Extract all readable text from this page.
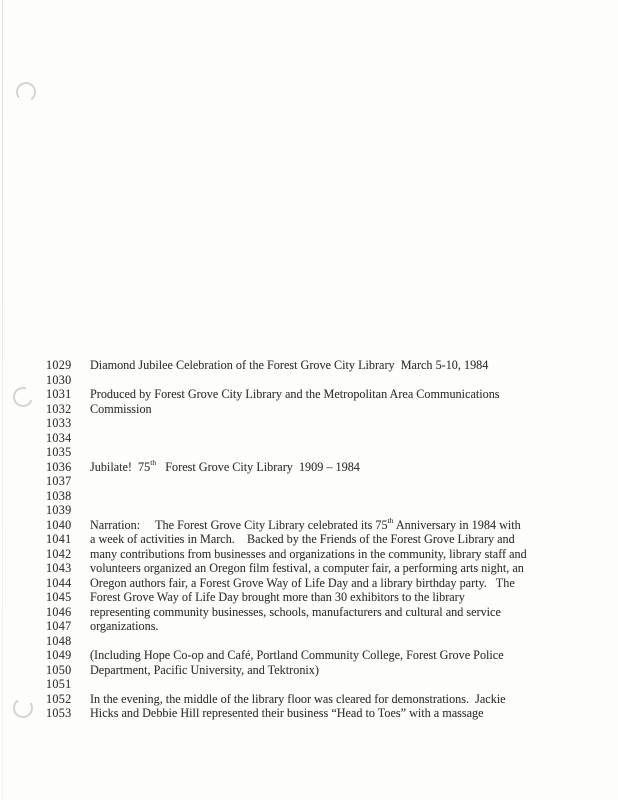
1029 Diamond Jubilee Celebration of the Forest Grove City Library  March 5-10, 1984
1030
1031 Produced by Forest Grove City Library and the Metropolitan Area Communications
1032 Commission
1033
1034
1035
1036 Jubilate!  75th   Forest Grove City Library  1909 – 1984
1037
1038
1039
1040 Narration:     The Forest Grove City Library celebrated its 75th Anniversary in 1984 with
1041 a week of activities in March.    Backed by the Friends of the Forest Grove Library and
1042 many contributions from businesses and organizations in the community, library staff and
1043 volunteers organized an Oregon film festival, a computer fair, a performing arts night, an
1044 Oregon authors fair, a Forest Grove Way of Life Day and a library birthday party.   The
1045 Forest Grove Way of Life Day brought more than 30 exhibitors to the library
1046 representing community businesses, schools, manufacturers and cultural and service
1047 organizations.
1048
1049 (Including Hope Co-op and Café, Portland Community College, Forest Grove Police
1050 Department, Pacific University, and Tektronix)
1051
1052 In the evening, the middle of the library floor was cleared for demonstrations.  Jackie
1053 Hicks and Debbie Hill represented their business “Head to Toes” with a massage
